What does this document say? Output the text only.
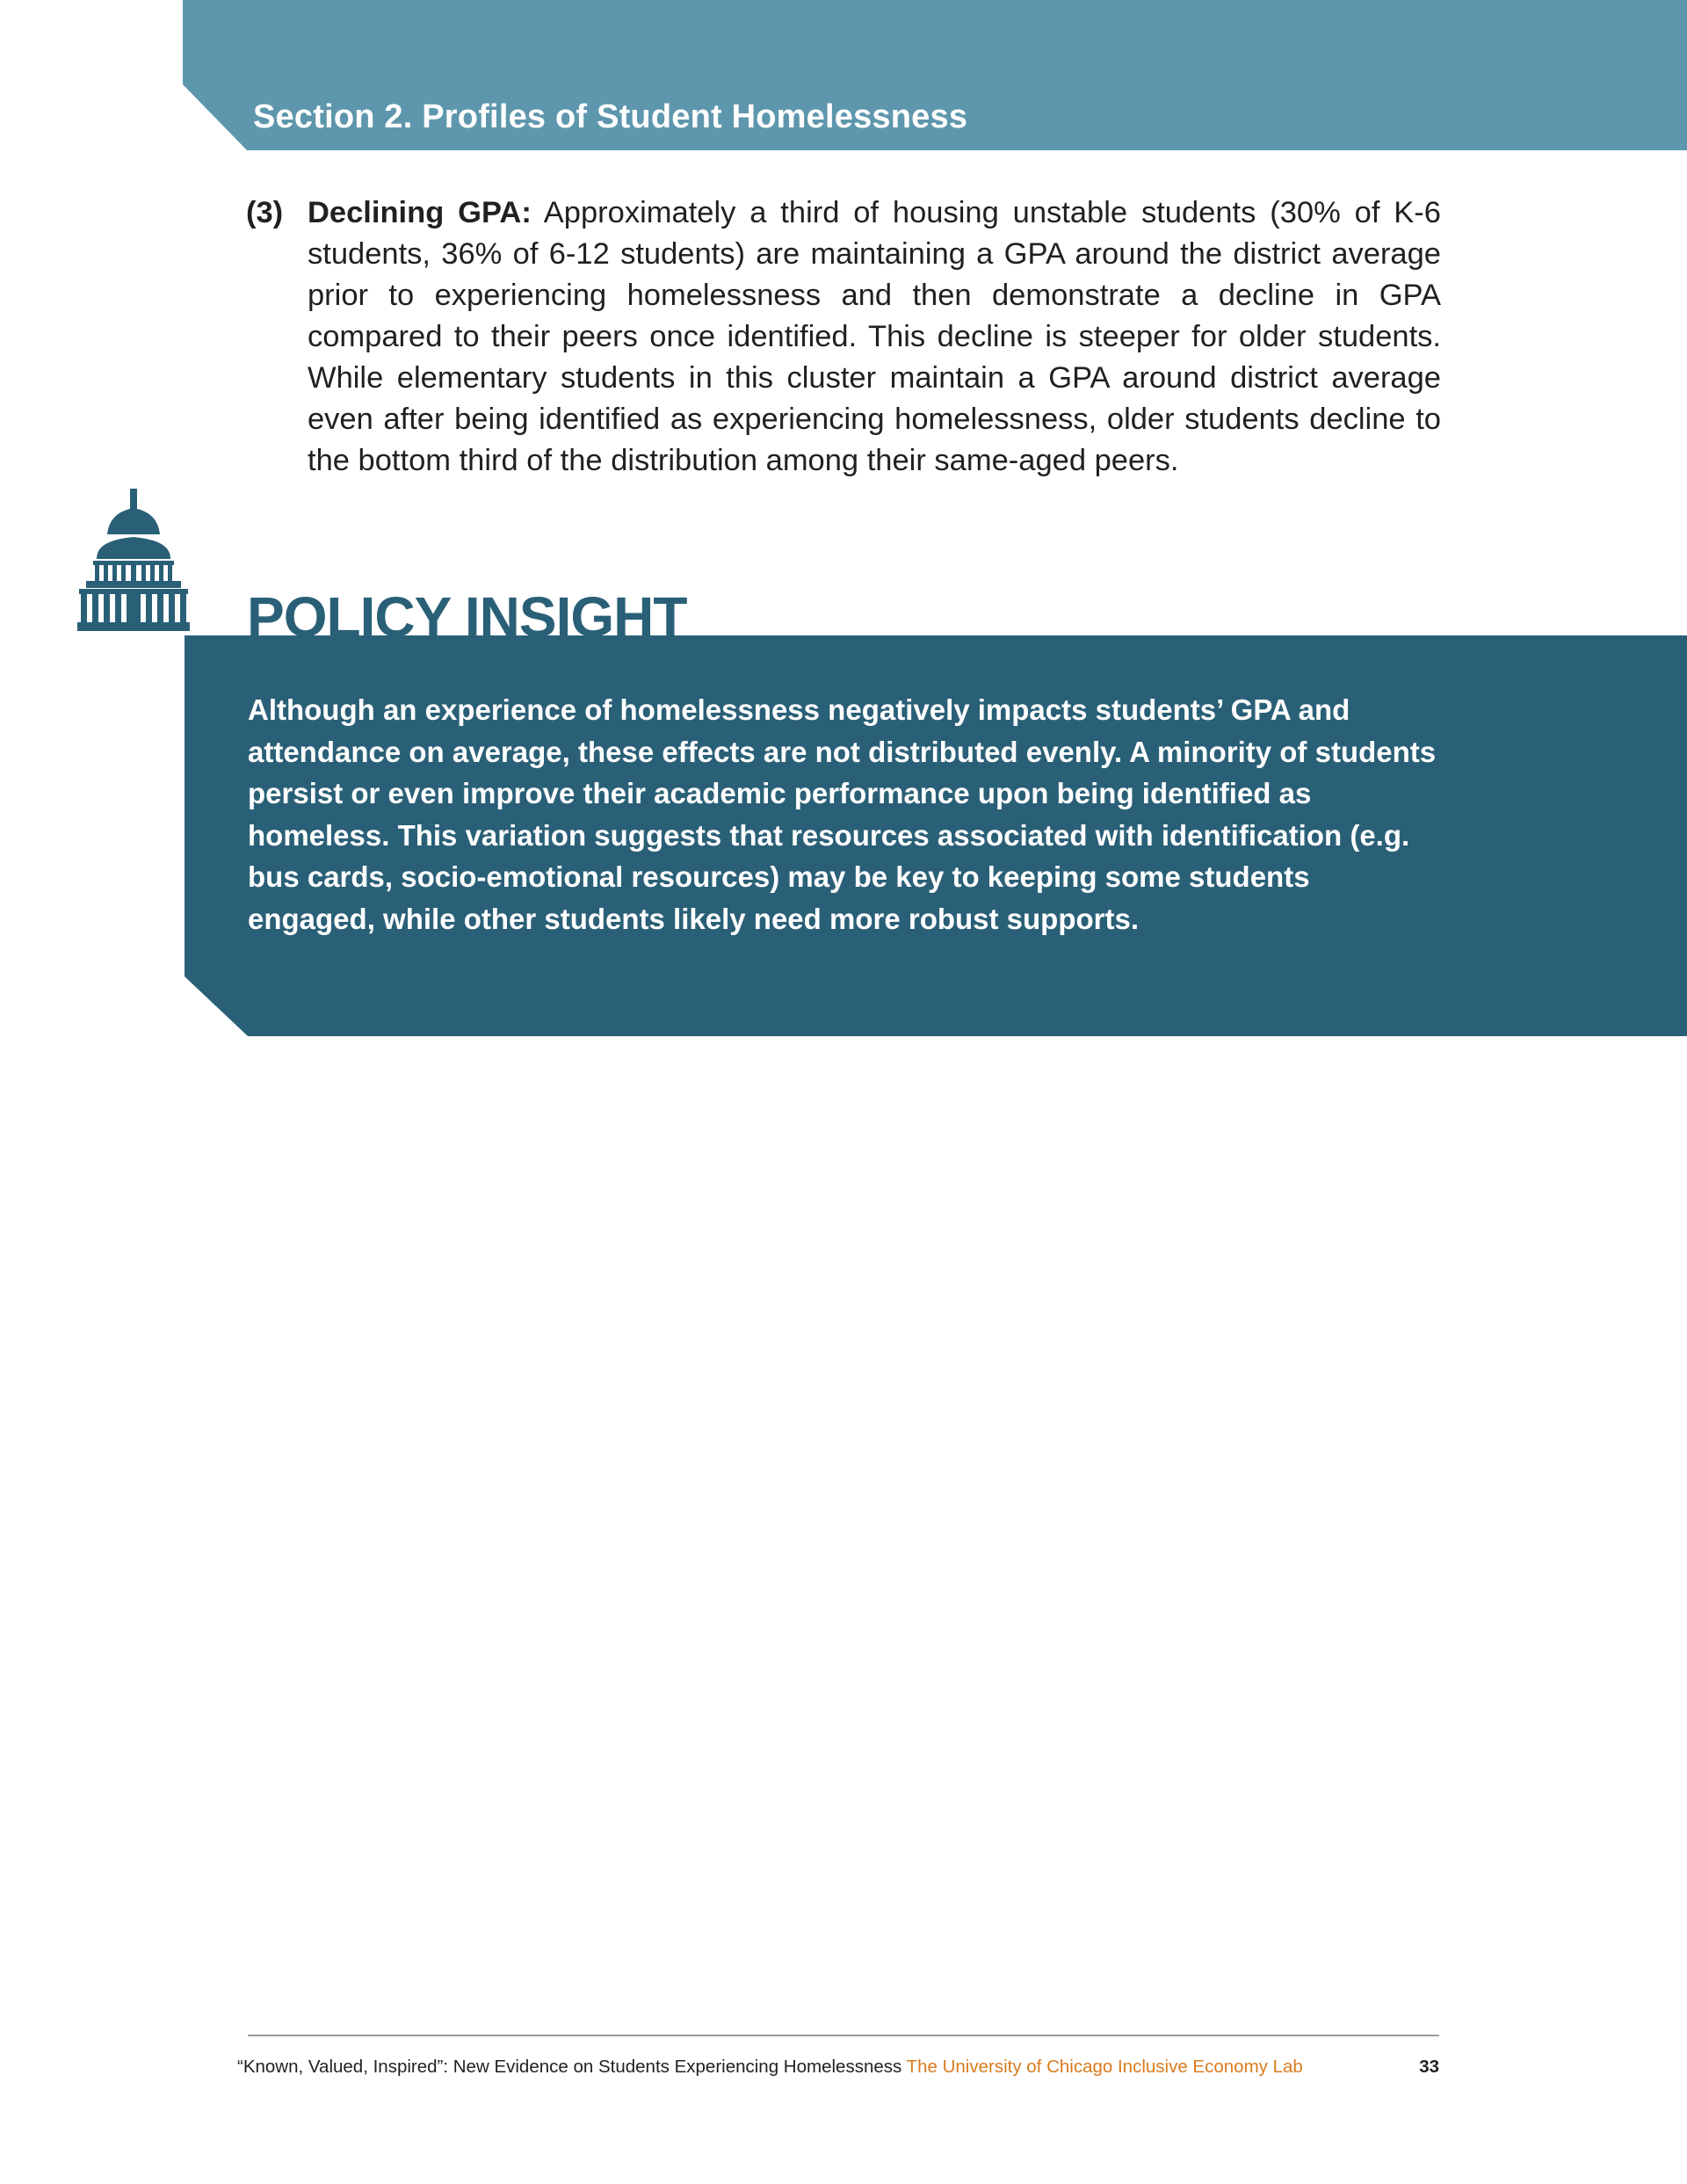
Section 2. Profiles of Student Homelessness
(3) Declining GPA: Approximately a third of housing unstable students (30% of K-6 students, 36% of 6-12 students) are maintaining a GPA around the district average prior to experiencing homelessness and then demonstrate a decline in GPA compared to their peers once identified. This decline is steeper for older students. While elementary students in this cluster maintain a GPA around district average even after being identified as experiencing homelessness, older students decline to the bottom third of the distribution among their same-aged peers.
POLICY INSIGHT
Although an experience of homelessness negatively impacts students’ GPA and attendance on average, these effects are not distributed evenly. A minority of students persist or even improve their academic performance upon being identified as homeless. This variation suggests that resources associated with identification (e.g. bus cards, socio-emotional resources) may be key to keeping some students engaged, while other students likely need more robust supports.
“Known, Valued, Inspired”: New Evidence on Students Experiencing Homelessness The University of Chicago Inclusive Economy Lab	33
